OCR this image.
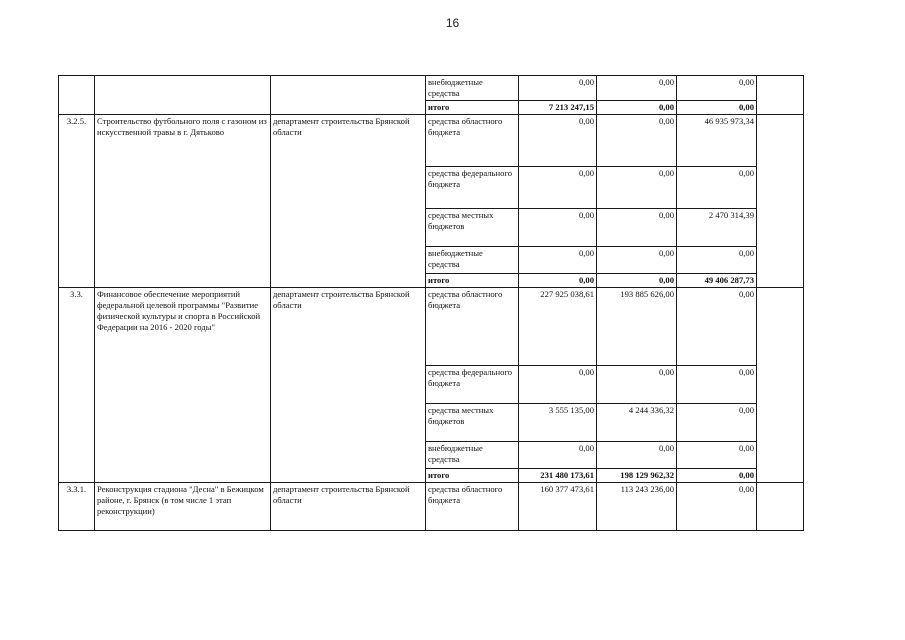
16
			внебюджетные средства	0,00	0,00	0,00	
			итого	7 213 247,15	0,00	0,00	
3.2.5.	Строительство футбольного поля с газоном из искусственной травы в г. Дятьково	департамент строительства Брянской области	средства областного бюджета	0,00	0,00	46 935 973,34	
			средства федерального бюджета	0,00	0,00	0,00	
			средства местных бюджетов	0,00	0,00	2 470 314,39	
			внебюджетные средства	0,00	0,00	0,00	
			итого	0,00	0,00	49 406 287,73	
3.3.	Финансовое обеспечение мероприятий федеральной целевой программы "Развитие физической культуры и спорта в Российской Федерации на 2016 - 2020 годы"	департамент строительства Брянской области	средства областного бюджета	227 925 038,61	193 885 626,00	0,00	
			средства федерального бюджета	0,00	0,00	0,00	
			средства местных бюджетов	3 555 135,00	4 244 336,32	0,00	
			внебюджетные средства	0,00	0,00	0,00	
			итого	231 480 173,61	198 129 962,32	0,00	
3.3.1.	Реконструкция стадиона "Десна" в Бежицком районе, г. Брянск (в том числе 1 этап реконструкции)	департамент строительства Брянской области	средства областного бюджета	160 377 473,61	113 243 236,00	0,00	
